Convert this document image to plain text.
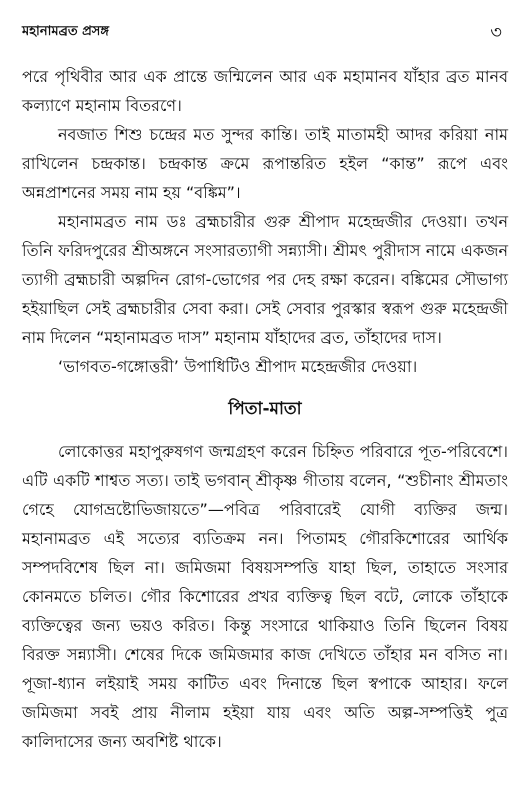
মহানামব্রত প্রসঙ্গ	৩

পরে পৃথিবীর আর এক প্রান্তে জন্মিলেন আর এক মহামানব যাঁহার ব্রত মানব কল্যাণে মহানাম বিতরণে।

নবজাত শিশু চন্দ্রের মত সুন্দর কান্তি। তাই মাতামহী আদর করিয়া নাম রাখিলেন চন্দ্রকান্ত। চন্দ্রকান্ত ক্রমে রূপান্তরিত হইল “কান্ত” রূপে এবং অন্নপ্রাশনের সময় নাম হয় “বঙ্কিম”।

মহানামব্রত নাম ডঃ ব্রহ্মচারীর গুরু শ্রীপাদ মহেন্দ্রজীর দেওয়া। তখন তিনি ফরিদপুরের শ্রীঅঙ্গনে সংসারত্যাগী সন্ন্যাসী। শ্রীমৎ পুরীদাস নামে একজন ত্যাগী ব্রহ্মচারী অল্পদিন রোগ-ভোগের পর দেহ রক্ষা করেন। বঙ্কিমের সৌভাগ্য হইয়াছিল সেই ব্রহ্মচারীর সেবা করা। সেই সেবার পুরস্কার স্বরূপ গুরু মহেন্দ্রজী নাম দিলেন “মহানামব্রত দাস” মহানাম যাঁহাদের ব্রত, তাঁহাদের দাস।

‘ভাগবত-গঙ্গোত্তরী’ উপাধিটিও শ্রীপাদ মহেন্দ্রজীর দেওয়া।

পিতা-মাতা

লোকোত্তর মহাপুরুষগণ জন্মগ্রহণ করেন চিহ্নিত পরিবারে পূত-পরিবেশে। এটি একটি শাশ্বত সত্য। তাই ভগবান্ শ্রীকৃষ্ণ গীতায় বলেন, “শুচীনাং শ্রীমতাং গেহে যোগভ্রষ্টোভিজায়তে”—পবিত্র পরিবারেই যোগী ব্যক্তির জন্ম। মহানামব্রত এই সত্যের ব্যতিক্রম নন। পিতামহ গৌরকিশোরের আর্থিক সম্পদবিশেষ ছিল না। জমিজমা বিষয়সম্পত্তি যাহা ছিল, তাহাতে সংসার কোনমতে চলিত। গৌর কিশোরের প্রখর ব্যক্তিত্ব ছিল বটে, লোকে তাঁহাকে ব্যক্তিত্বের জন্য ভয়ও করিত। কিন্তু সংসারে থাকিয়াও তিনি ছিলেন বিষয় বিরক্ত সন্ন্যাসী। শেষের দিকে জমিজমার কাজ দেখিতে তাঁহার মন বসিত না। পূজা-ধ্যান লইয়াই সময় কাটিত এবং দিনান্তে ছিল স্বপাকে আহার। ফলে জমিজমা সবই প্রায় নীলাম হইয়া যায় এবং অতি অল্প-সম্পত্তিই পুত্র কালিদাসের জন্য অবশিষ্ট থাকে।
